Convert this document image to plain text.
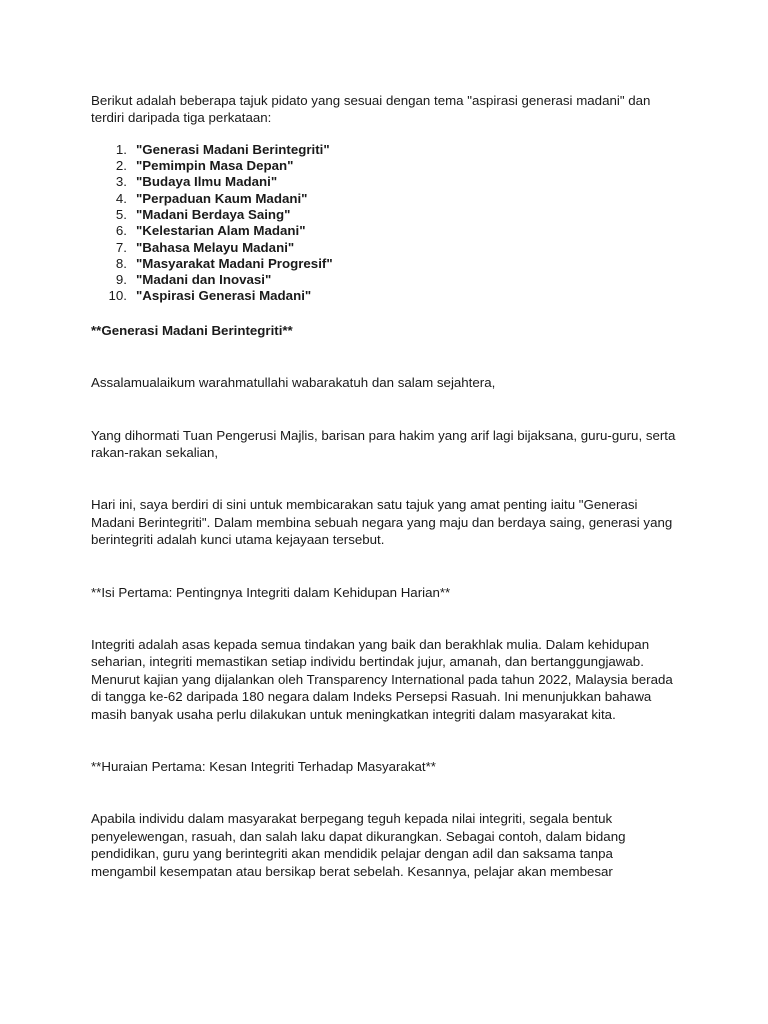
Berikut adalah beberapa tajuk pidato yang sesuai dengan tema "aspirasi generasi madani" dan terdiri daripada tiga perkataan:

1. "Generasi Madani Berintegriti"
2. "Pemimpin Masa Depan"
3. "Budaya Ilmu Madani"
4. "Perpaduan Kaum Madani"
5. "Madani Berdaya Saing"
6. "Kelestarian Alam Madani"
7. "Bahasa Melayu Madani"
8. "Masyarakat Madani Progresif"
9. "Madani dan Inovasi"
10. "Aspirasi Generasi Madani"

**Generasi Madani Berintegriti**

Assalamualaikum warahmatullahi wabarakatuh dan salam sejahtera,

Yang dihormati Tuan Pengerusi Majlis, barisan para hakim yang arif lagi bijaksana, guru-guru, serta rakan-rakan sekalian,

Hari ini, saya berdiri di sini untuk membicarakan satu tajuk yang amat penting iaitu "Generasi Madani Berintegriti". Dalam membina sebuah negara yang maju dan berdaya saing, generasi yang berintegriti adalah kunci utama kejayaan tersebut.

**Isi Pertama: Pentingnya Integriti dalam Kehidupan Harian**

Integriti adalah asas kepada semua tindakan yang baik dan berakhlak mulia. Dalam kehidupan seharian, integriti memastikan setiap individu bertindak jujur, amanah, dan bertanggungjawab. Menurut kajian yang dijalankan oleh Transparency International pada tahun 2022, Malaysia berada di tangga ke-62 daripada 180 negara dalam Indeks Persepsi Rasuah. Ini menunjukkan bahawa masih banyak usaha perlu dilakukan untuk meningkatkan integriti dalam masyarakat kita.

**Huraian Pertama: Kesan Integriti Terhadap Masyarakat**

Apabila individu dalam masyarakat berpegang teguh kepada nilai integriti, segala bentuk penyelewengan, rasuah, dan salah laku dapat dikurangkan. Sebagai contoh, dalam bidang pendidikan, guru yang berintegriti akan mendidik pelajar dengan adil dan saksama tanpa mengambil kesempatan atau bersikap berat sebelah. Kesannya, pelajar akan membesar
